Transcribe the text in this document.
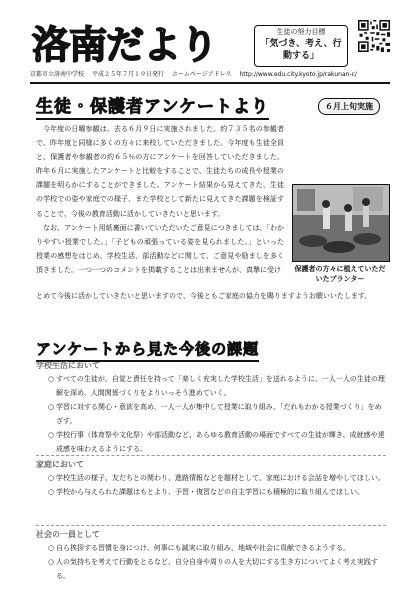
洛南だより	生徒の努力目標
「気づき、考え、行動する」
京都市立洛南中学校 平成２５年７月１９日発行 ホームページアドレス http://www.edu.city.kyoto.jp/rakunan-c/
生徒・保護者アンケートより	６月上旬実施

今年度の日曜参観は、去る６月９日に実施されました。約７３５名の参観者で、昨年度と同様に多くの方々に来校していただきました。今年度も生徒全員と、保護者や参観者の約６５％の方にアンケートを回答していただきました。昨年６月に実施したアンケートと比較をすることで、生徒たちの成長や授業の課題を明らかにすることができました。アンケート結果から見えてきた、生徒の学校での姿や家庭での様子、また学校として新たに見えてきた課題を検証することで、今後の教育活動に活かしていきたいと思います。

なお、アンケート用紙裏面に書いていただいたご意見につきましては、「わかりやすい授業でした。」「子どもの頑張っている姿を見られました。」といった授業の感想をはじめ、学校生活、部活動などに関して、ご意見や励ましを多く頂きました。一つ一つのコメントを掲載することは出来ませんが、真摯に受け

とめて今後に活かしていきたいと思いますので、今後ともご家庭の協力を賜りますようお願いいたします。

保護者の方々に植えていただいたプランター
アンケートから見た今後の課題
学校生活において
○ すべての生徒が、自覚と責任を持って「楽しく充実した学校生活」を送れるように、一人一人の生徒の理解を深め、人間関係づくりをよりいっそう進めていく。
○ 学習に対する関心・意欲を高め、一人一人が集中して授業に取り組み、「だれもわかる授業づくり」をめざす。
○ 学校行事（体育祭や文化祭）や部活動など、あらゆる教育活動の場面ですべての生徒が輝き、成就感や達成感を味わえるようにする。
家庭において
○ 学校生活の様子、友だちとの関わり、進路情報などを題材として、家庭における会話を増やしてほしい。
○ 学校から与えられた課題はもとより、予習・復習などの自主学習にも積極的に取り組んでほしい。
社会の一員として
○ 自ら挨拶する習慣を身につけ、何事にも誠実に取り組み、地域や社会に貢献できるようする。
○ 人の気持ちを考えて行動をとるなど、自分自身や周りの人を大切にする生き方についてよく考え実践する。
